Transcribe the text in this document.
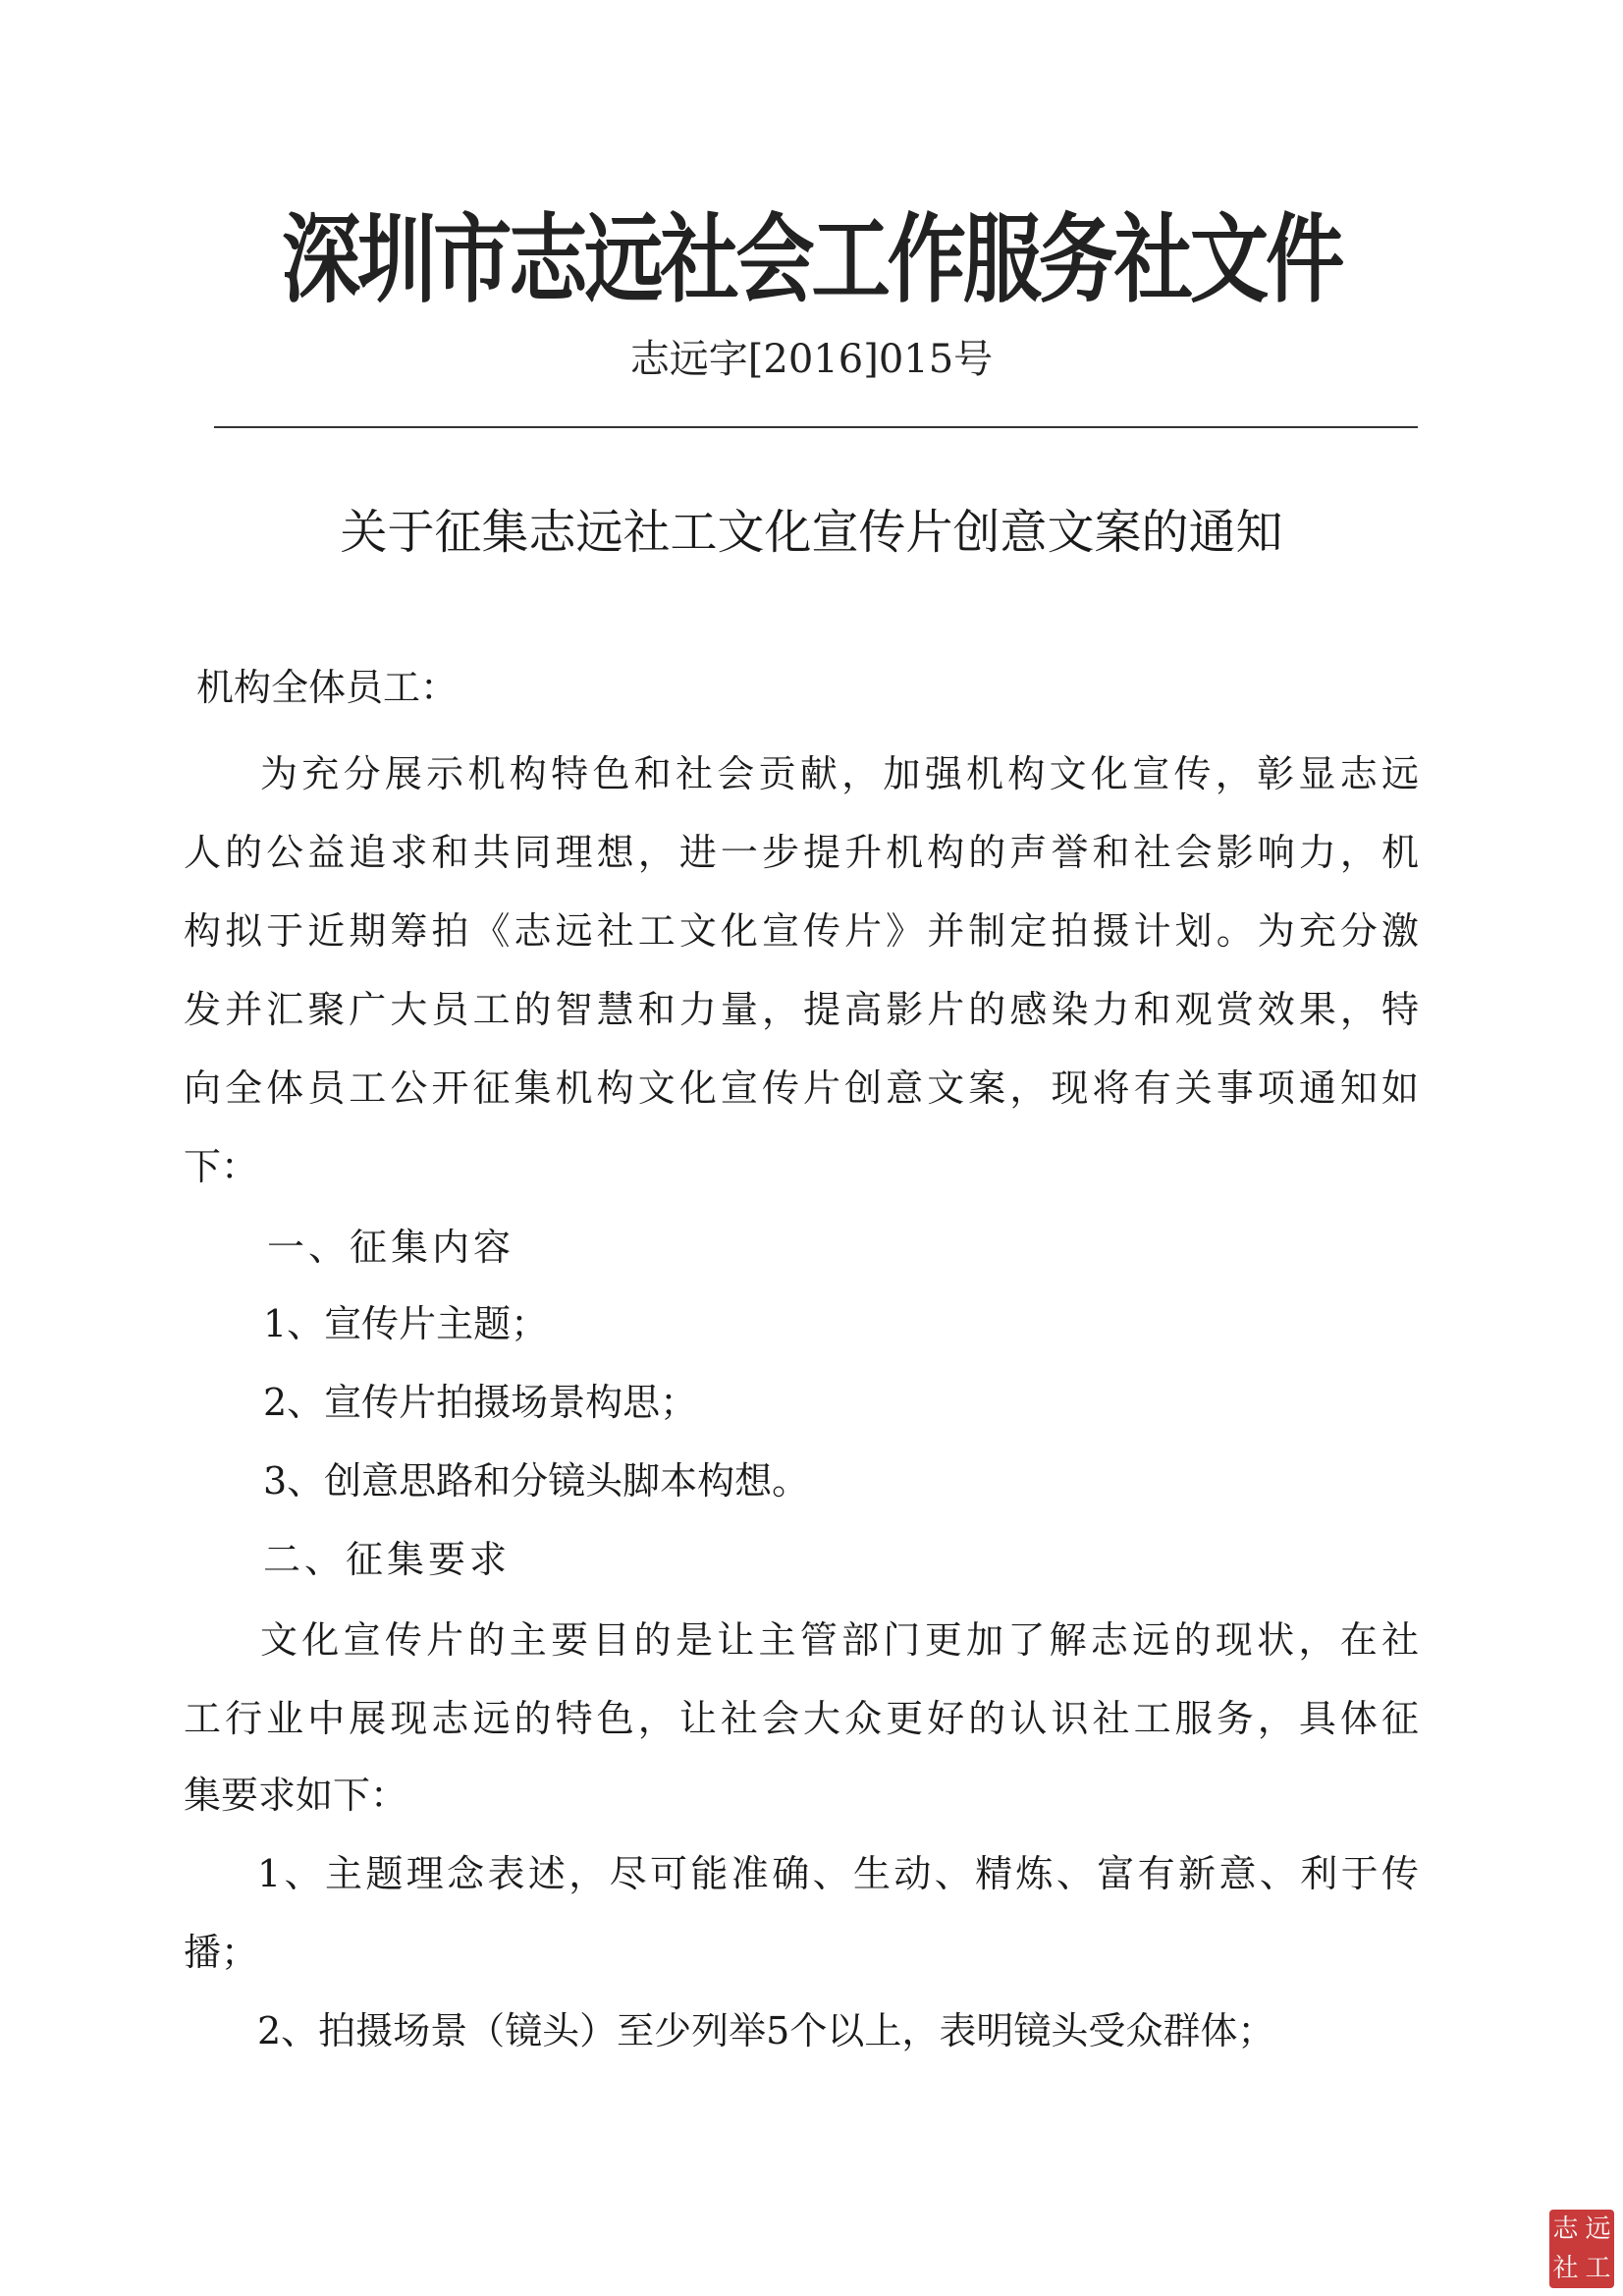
深圳市志远社会工作服务社文件
志远字[2016]015号
关于征集志远社工文化宣传片创意文案的通知
机构全体员工：
为充分展示机构特色和社会贡献，加强机构文化宣传，彰显志远
人的公益追求和共同理想，进一步提升机构的声誉和社会影响力，机
构拟于近期筹拍《志远社工文化宣传片》并制定拍摄计划。为充分激
发并汇聚广大员工的智慧和力量，提高影片的感染力和观赏效果，特
向全体员工公开征集机构文化宣传片创意文案，现将有关事项通知如
下：
一、征集内容
1、宣传片主题；
2、宣传片拍摄场景构思；
3、创意思路和分镜头脚本构想。
二、征集要求
文化宣传片的主要目的是让主管部门更加了解志远的现状，在社
工行业中展现志远的特色，让社会大众更好的认识社工服务，具体征
集要求如下：
1、主题理念表述，尽可能准确、生动、精炼、富有新意、利于传
播；
2、拍摄场景（镜头）至少列举5个以上，表明镜头受众群体；
志 远
社 工
